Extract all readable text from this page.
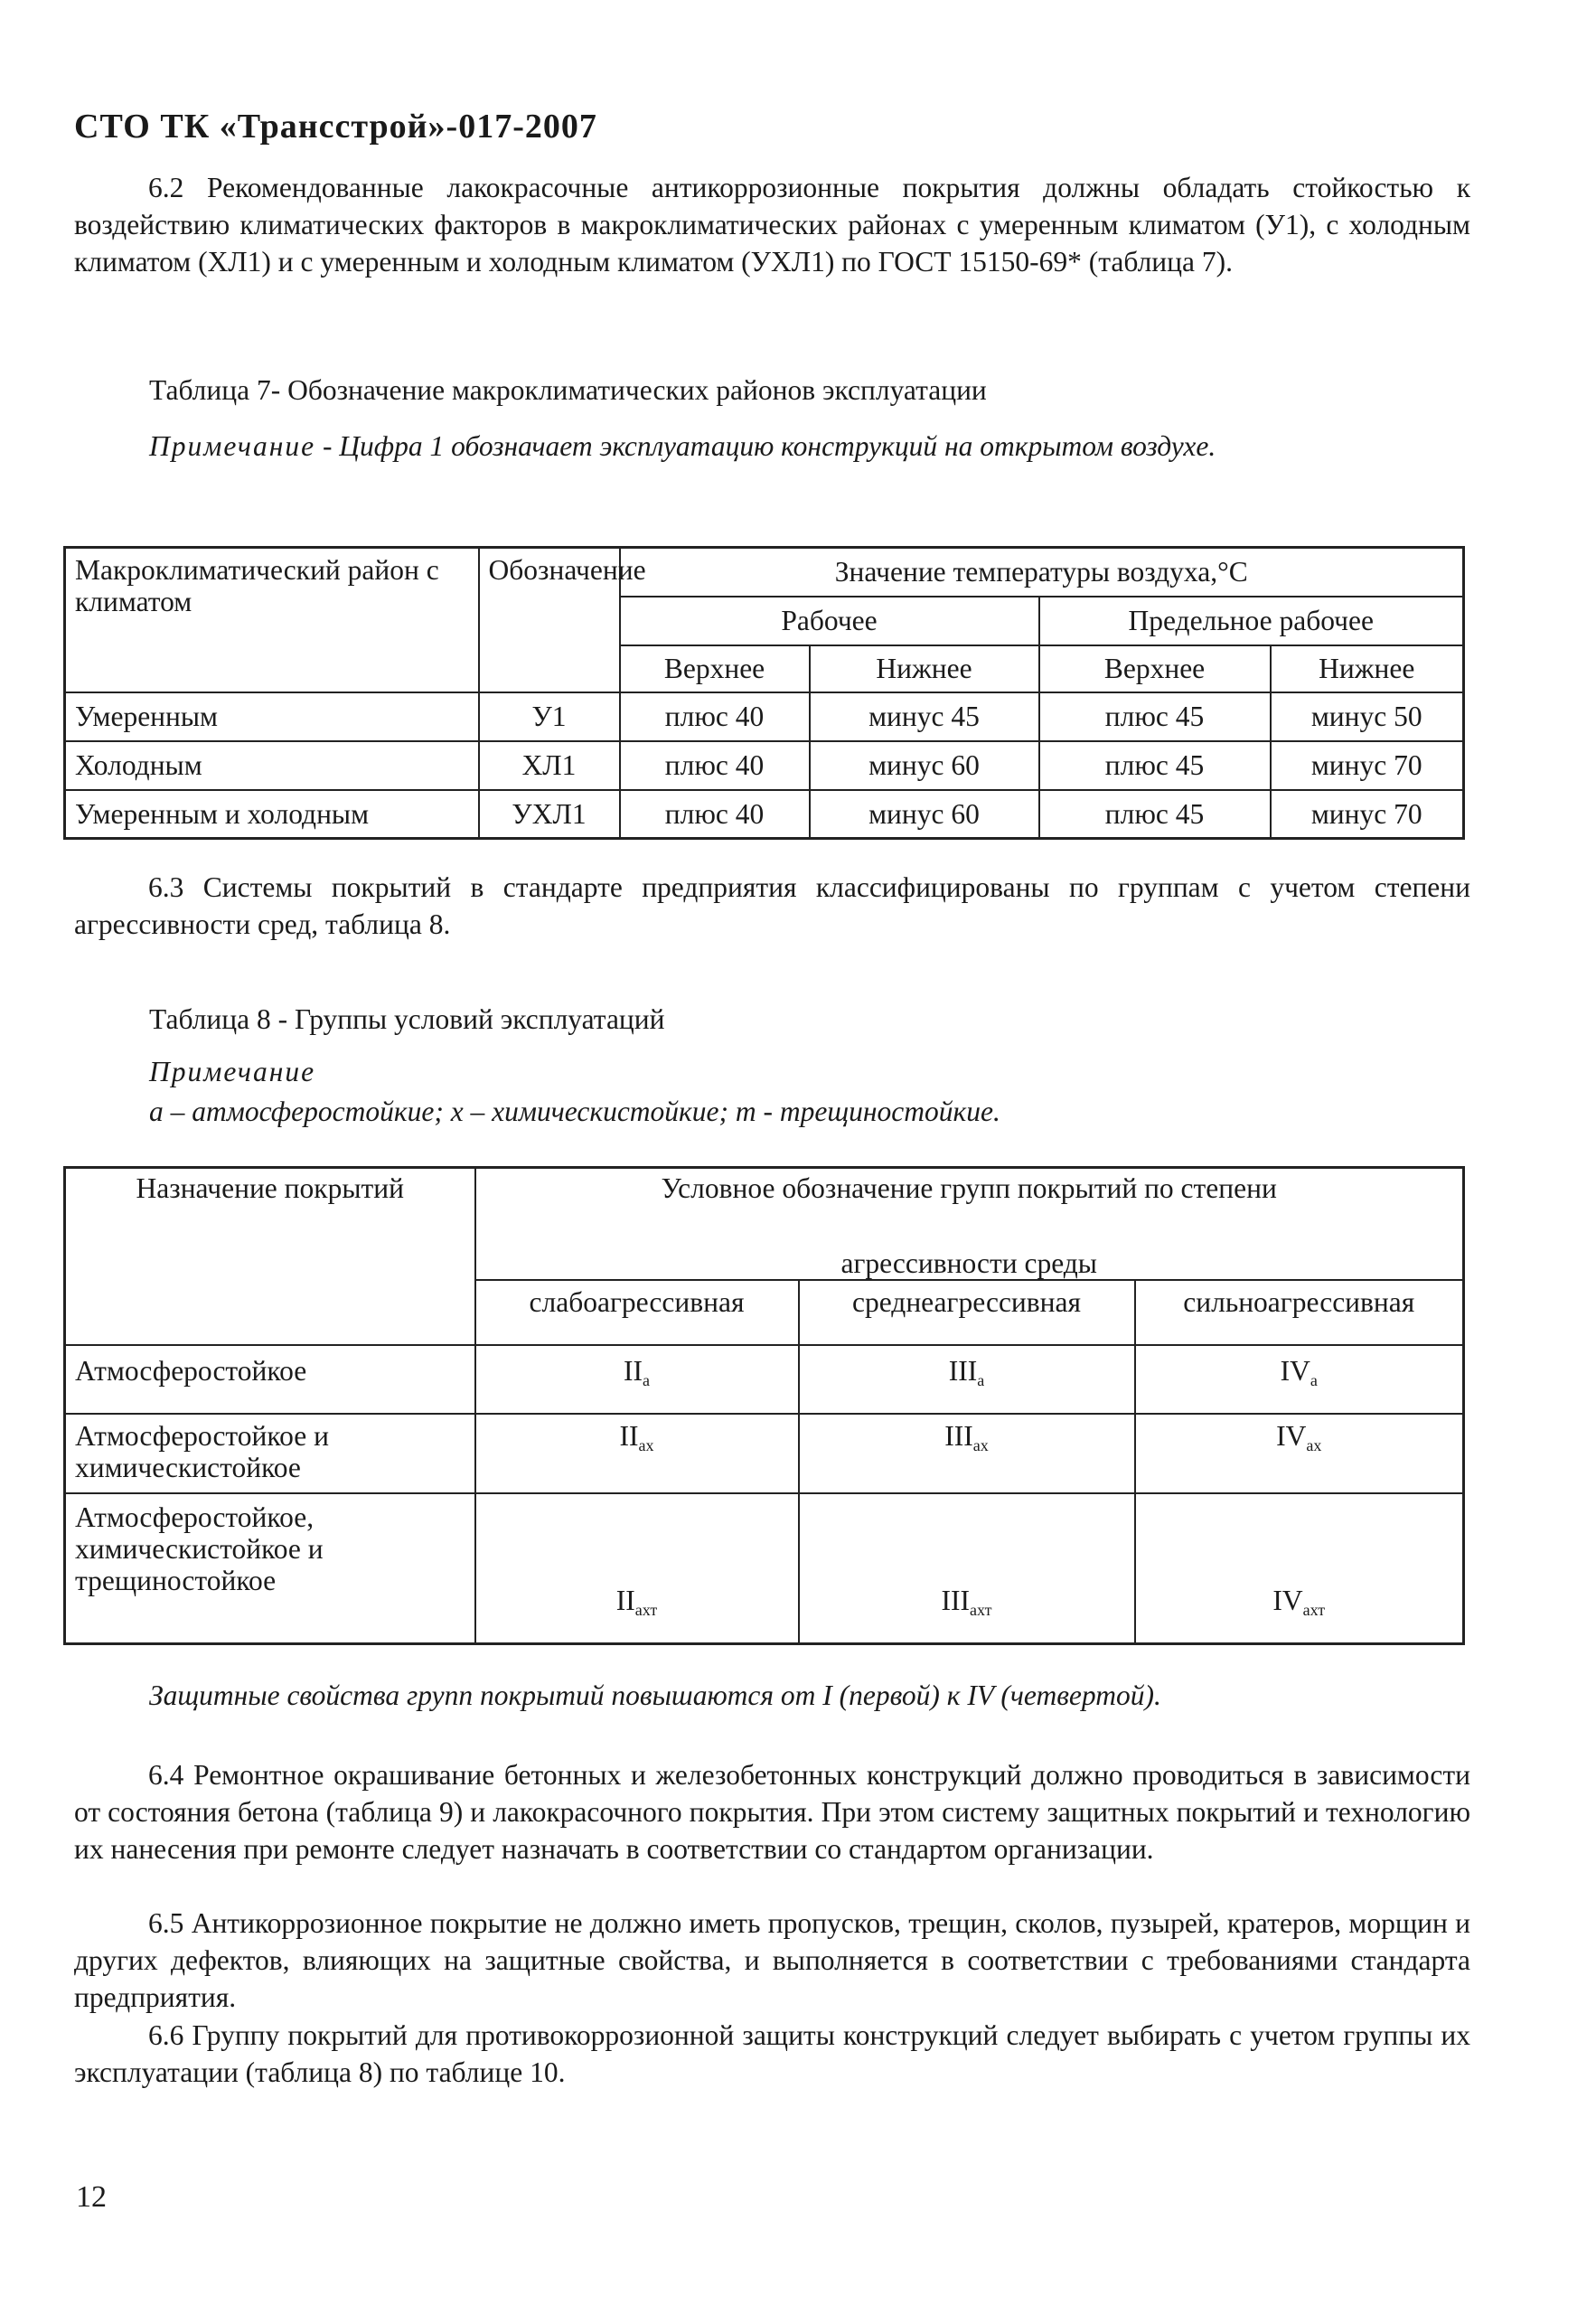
СТО ТК «Трансстрой»-017-2007
6.2 Рекомендованные лакокрасочные антикоррозионные покрытия должны обладать стойкостью к воздействию климатических факторов в макроклиматических районах с умеренным климатом (У1), с холодным климатом (ХЛ1) и с умеренным и холодным климатом (УХЛ1) по ГОСТ 15150-69* (таблица 7).
Таблица 7- Обозначение макроклиматических районов эксплуатации
Примечание - Цифра 1 обозначает эксплуатацию конструкций на открытом воздухе.
Макроклиматический район с климатом	Обозначение	Значение температуры воздуха,°С			
		Рабочее		Предельное рабочее	
		Верхнее	Нижнее	Верхнее	Нижнее
Умеренным	У1	плюс 40	минус 45	плюс 45	минус 50
Холодным	ХЛ1	плюс 40	минус 60	плюс 45	минус 70
Умеренным и холодным	УХЛ1	плюс 40	минус 60	плюс 45	минус 70
6.3 Системы покрытий в стандарте предприятия классифицированы по группам с учетом степени агрессивности сред, таблица 8.
Таблица 8 - Группы условий эксплуатаций
Примечание
а – атмосферостойкие; х – химическистойкие; т - трещиностойкие.
Назначение покрытий	Условное обозначение групп покрытий по степени
агрессивности среды		

	слабоагрессивная	среднеагрессивная	сильноагрессивная
Атмосферостойкое	$II_а$	$III_а$	$IV_а$
Атмосферостойкое и химическистойкое	$II_{ах}$	$III_{ах}$	$IV_{ах}$
Атмосферостойкое, химическистойкое и трещиностойкое	$II_{ахт}$	$III_{ахт}$	$IV_{ахт}$
Защитные свойства групп покрытий повышаются от I (первой) к IV (четвертой).
6.4 Ремонтное окрашивание бетонных и железобетонных конструкций должно проводиться в зависимости от состояния бетона (таблица 9) и лакокрасочного покрытия. При этом систему защитных покрытий и технологию их нанесения при ремонте следует назначать в соответствии со стандартом организации.
6.5 Антикоррозионное покрытие не должно иметь пропусков, трещин, сколов, пузырей, кратеров, морщин и других дефектов, влияющих на защитные свойства, и выполняется в соответствии с требованиями стандарта предприятия.
6.6 Группу покрытий для противокоррозионной защиты конструкций следует выбирать с учетом группы их эксплуатации (таблица 8) по таблице 10.
12
